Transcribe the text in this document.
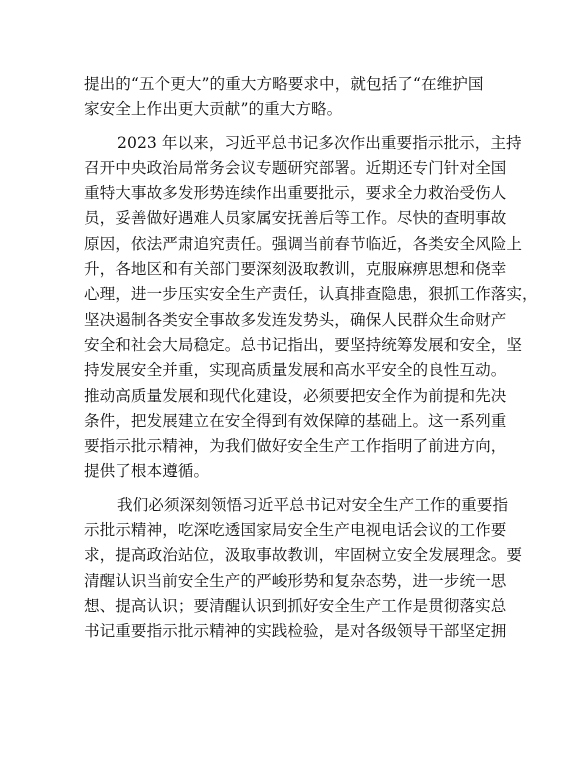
提出的“五个更大”的重大方略要求中，就包括了“在维护国
家安全上作出更大贡献”的重大方略。
2023 年以来，习近平总书记多次作出重要指示批示，主持
召开中央政治局常务会议专题研究部署。近期还专门针对全国
重特大事故多发形势连续作出重要批示，要求全力救治受伤人
员，妥善做好遇难人员家属安抚善后等工作。尽快的查明事故
原因，依法严肃追究责任。强调当前春节临近，各类安全风险上
升，各地区和有关部门要深刻汲取教训，克服麻痹思想和侥幸
心理，进一步压实安全生产责任，认真排查隐患，狠抓工作落实，
坚决遏制各类安全事故多发连发势头，确保人民群众生命财产
安全和社会大局稳定。总书记指出，要坚持统筹发展和安全，坚
持发展安全并重，实现高质量发展和高水平安全的良性互动。
推动高质量发展和现代化建设，必须要把安全作为前提和先决
条件，把发展建立在安全得到有效保障的基础上。这一系列重
要指示批示精神，为我们做好安全生产工作指明了前进方向，
提供了根本遵循。
我们必须深刻领悟习近平总书记对安全生产工作的重要指
示批示精神，吃深吃透国家局安全生产电视电话会议的工作要
求，提高政治站位，汲取事故教训，牢固树立安全发展理念。要
清醒认识当前安全生产的严峻形势和复杂态势，进一步统一思
想、提高认识；要清醒认识到抓好安全生产工作是贯彻落实总
书记重要指示批示精神的实践检验，是对各级领导干部坚定拥
